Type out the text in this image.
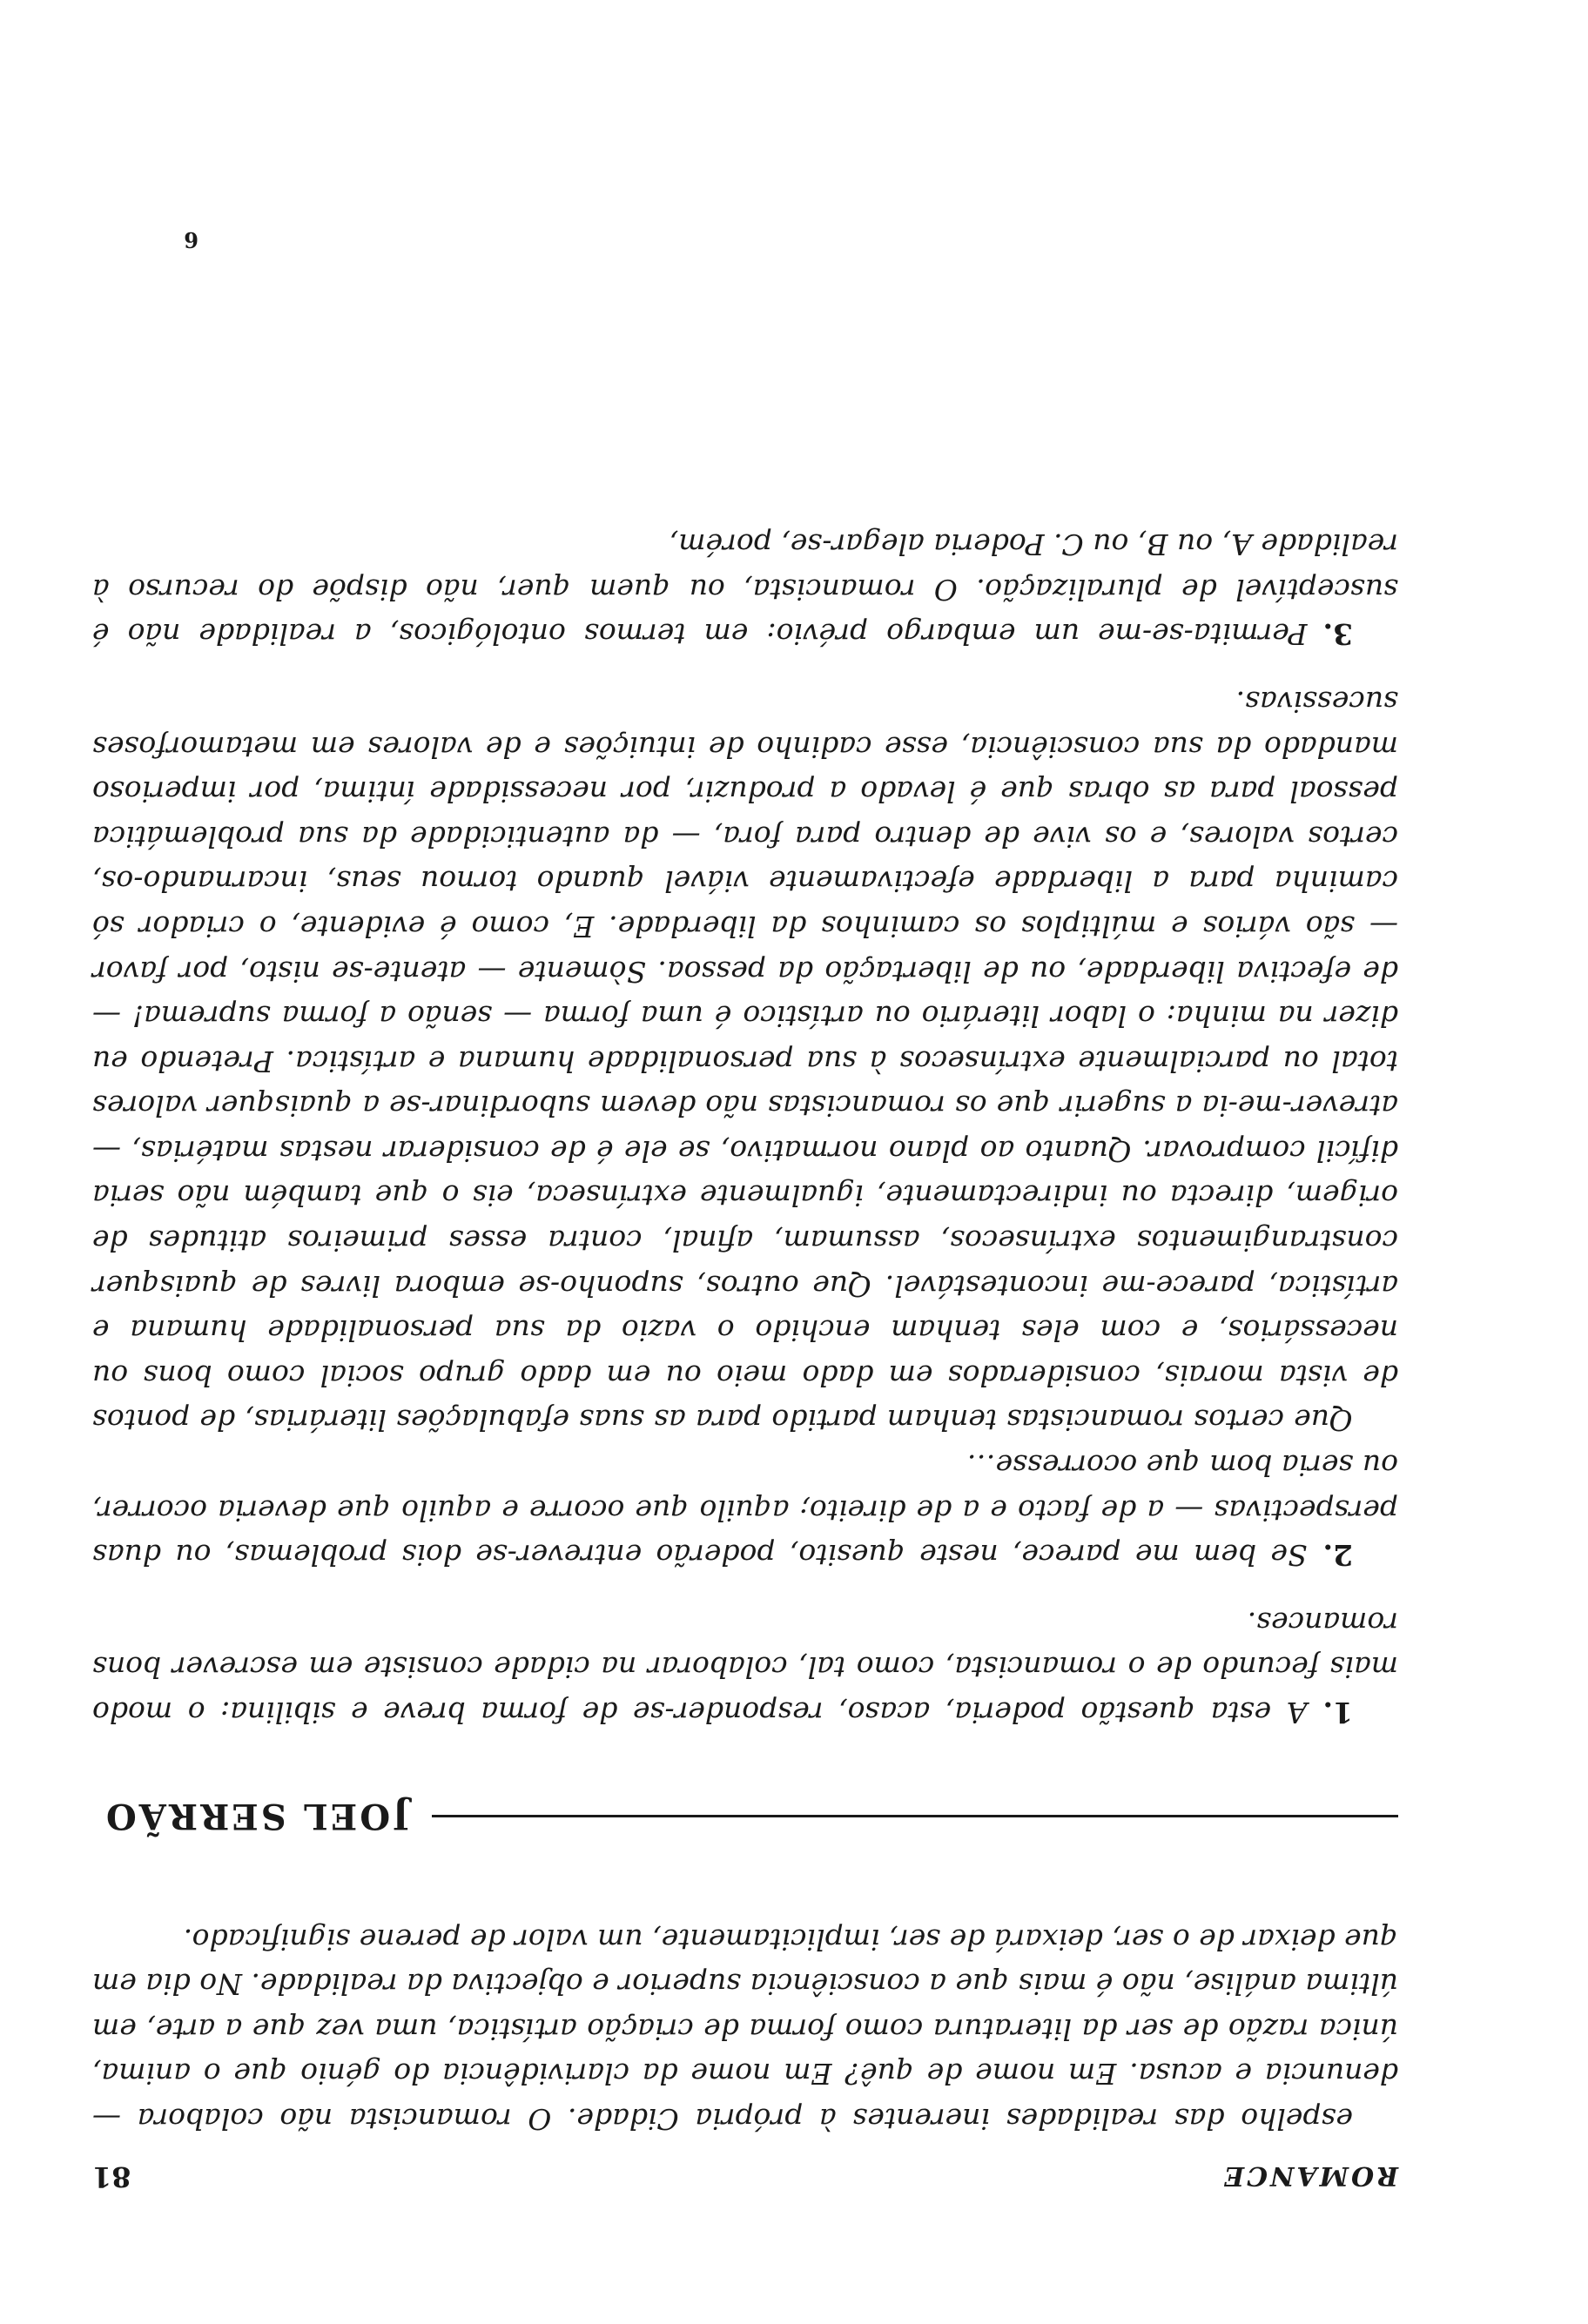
ROMANCE
81

espelho das realidades inerentes à própria Cidade. O romancista não colabora — denuncia e acusa. Em nome de quê? Em nome da clarividência do génio que o anima, única razão de ser da literatura como forma de criação artística, uma vez que a arte, em última análise, não é mais que a consciência superior e objectiva da realidade. No dia em que deixar de o ser, deixará de ser, implicitamente, um valor de perene significado.

JOEL SERRÃO

1.A esta questão poderia, acaso, responder-se de forma breve e sibilina: o modo mais fecundo de o romancista, como tal, colaborar na cidade consiste em escrever bons romances.

2.Se bem me parece, neste quesito, poderão entrever-se dois problemas, ou duas perspectivas — a de facto e a de direito; aquilo que ocorre e aquilo que deveria ocorrer, ou seria bom que ocorresse…

Que certos romancistas tenham partido para as suas efabulações literárias, de pontos de vista morais, considerados em dado meio ou em dado grupo social como bons ou necessários, e com eles tenham enchido o vazio da sua personalidade humana e artística, parece-me incontestável. Que outros, suponho-se embora livres de quaisquer constrangimentos extrínsecos, assumam, afinal, contra esses primeiros atitudes de origem, directa ou indirectamente, igualmente extrínseca, eis o que também não seria difícil comprovar. Quanto ao plano normativo, se ele é de considerar nestas matérias, — atrever-me-ia a sugerir que os romancistas não devem subordinar-se a quaisquer valores total ou parcialmente extrínsecos à sua personalidade humana e artística. Pretendo eu dizer na minha: o labor literário ou artístico é uma forma — senão a forma suprema! — de efectiva liberdade, ou de libertação da pessoa. Sòmente — atente-se nisto, por favor — são vários e múltiplos os caminhos da liberdade. E, como é evidente, o criador só caminha para a liberdade efectivamente viável quando tornou seus, incarnando-os, certos valores, e os vive de dentro para fora, — da autenticidade da sua problemática pessoal para as obras que é levado a produzir, por necessidade íntima, por imperioso mandado da sua consciência, esse cadinho de intuições e de valores em metamorfoses sucessivas.

3.Permita-se-me um embargo prévio: em termos ontológicos, a realidade não é susceptível de pluralização. O romancista, ou quem quer, não dispõe do recurso à realidade A, ou B, ou C. Poderia alegar-se, porém,

6
